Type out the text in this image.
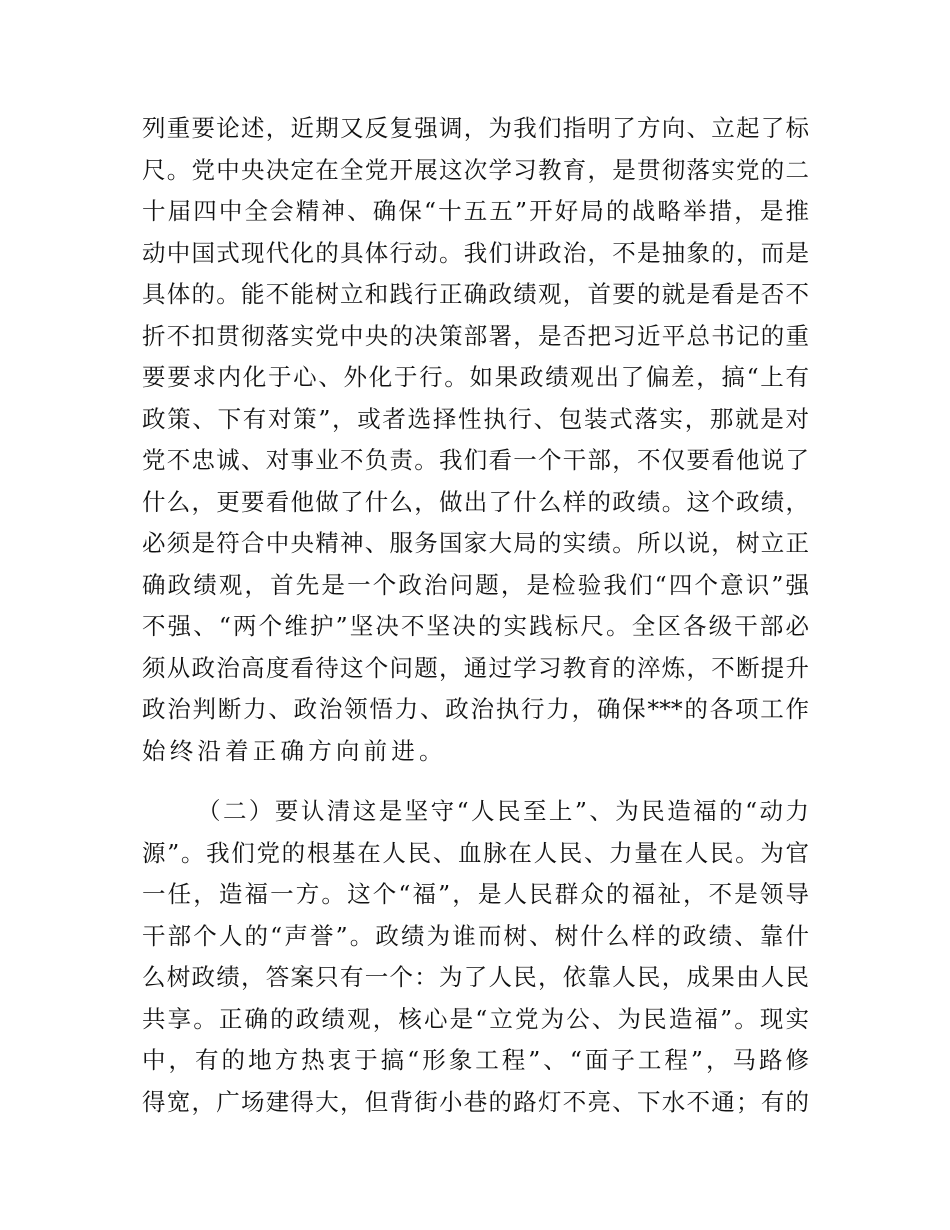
列重要论述，近期又反复强调，为我们指明了方向、立起了标
尺。党中央决定在全党开展这次学习教育，是贯彻落实党的二
十届四中全会精神、确保“十五五”开好局的战略举措，是推
动中国式现代化的具体行动。我们讲政治，不是抽象的，而是
具体的。能不能树立和践行正确政绩观，首要的就是看是否不
折不扣贯彻落实党中央的决策部署，是否把习近平总书记的重
要要求内化于心、外化于行。如果政绩观出了偏差，搞“上有
政策、下有对策”，或者选择性执行、包装式落实，那就是对
党不忠诚、对事业不负责。我们看一个干部，不仅要看他说了
什么，更要看他做了什么，做出了什么样的政绩。这个政绩，
必须是符合中央精神、服务国家大局的实绩。所以说，树立正
确政绩观，首先是一个政治问题，是检验我们“四个意识”强
不强、“两个维护”坚决不坚决的实践标尺。全区各级干部必
须从政治高度看待这个问题，通过学习教育的淬炼，不断提升
政治判断力、政治领悟力、政治执行力，确保***的各项工作
始终沿着正确方向前进。
（二）要认清这是坚守“人民至上”、为民造福的“动力
源”。我们党的根基在人民、血脉在人民、力量在人民。为官
一任，造福一方。这个“福”，是人民群众的福祉，不是领导
干部个人的“声誉”。政绩为谁而树、树什么样的政绩、靠什
么树政绩，答案只有一个：为了人民，依靠人民，成果由人民
共享。正确的政绩观，核心是“立党为公、为民造福”。现实
中，有的地方热衷于搞“形象工程”、“面子工程”，马路修
得宽，广场建得大，但背街小巷的路灯不亮、下水不通；有的
